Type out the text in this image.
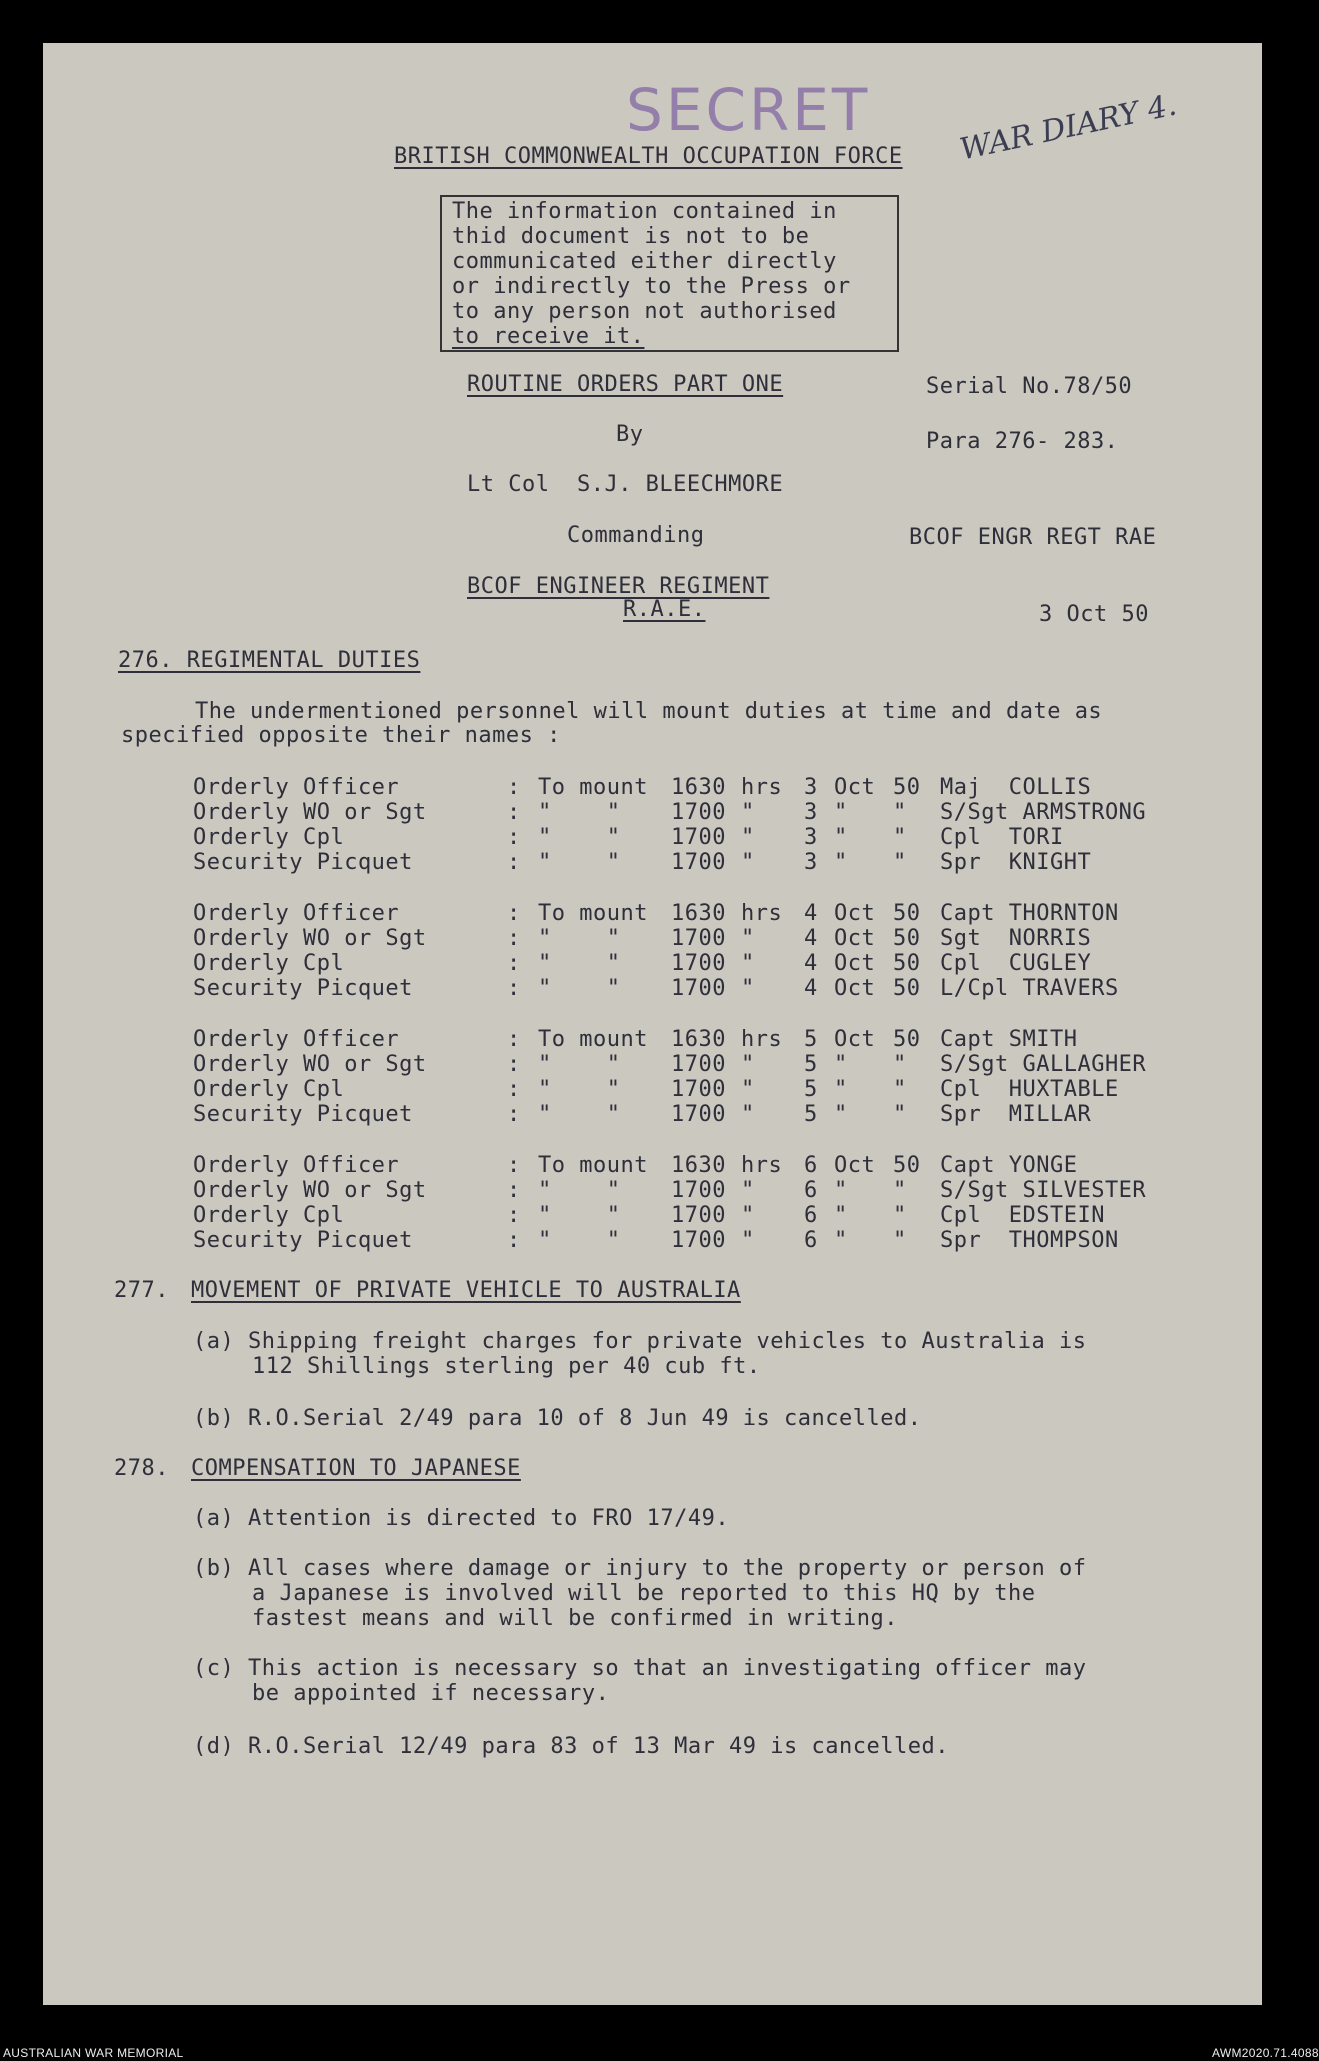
SECRET	WAR DIARY 4.
BRITISH COMMONWEALTH OCCUPATION FORCE
The information contained in
thid document is not to be
communicated either directly
or indirectly to the Press or
to any person not authorised
to receive it.
ROUTINE ORDERS PART ONE	Serial No.78/50
By	Para 276- 283.
Lt Col  S.J. BLEECHMORE
Commanding	BCOF ENGR REGT RAE
BCOF ENGINEER REGIMENT
R.A.E.	3 Oct 50
276. REGIMENTAL DUTIES
The undermentioned personnel will mount duties at time and date as
specified opposite their names :
Orderly Officer	: To mount 1630 hrs 3 Oct 50 Maj  COLLIS
Orderly WO or Sgt	: "    " 1700 " 3 " " S/Sgt ARMSTRONG
Orderly Cpl	: "    " 1700 " 3 " " Cpl  TORI
Security Picquet	: "    " 1700 " 3 " " Spr  KNIGHT
Orderly Officer	: To mount 1630 hrs 4 Oct 50 Capt THORNTON
Orderly WO or Sgt	: "    " 1700 " 4 Oct 50 Sgt  NORRIS
Orderly Cpl	: "    " 1700 " 4 Oct 50 Cpl  CUGLEY
Security Picquet	: "    " 1700 " 4 Oct 50 L/Cpl TRAVERS
Orderly Officer	: To mount 1630 hrs 5 Oct 50 Capt SMITH
Orderly WO or Sgt	: "    " 1700 " 5 " " S/Sgt GALLAGHER
Orderly Cpl	: "    " 1700 " 5 " " Cpl  HUXTABLE
Security Picquet	: "    " 1700 " 5 " " Spr  MILLAR
Orderly Officer	: To mount 1630 hrs 6 Oct 50 Capt YONGE
Orderly WO or Sgt	: "    " 1700 " 6 " " S/Sgt SILVESTER
Orderly Cpl	: "    " 1700 " 6 " " Cpl  EDSTEIN
Security Picquet	: "    " 1700 " 6 " " Spr  THOMPSON
277. MOVEMENT OF PRIVATE VEHICLE TO AUSTRALIA
(a) Shipping freight charges for private vehicles to Australia is
112 Shillings sterling per 40 cub ft.
(b) R.O.Serial 2/49 para 10 of 8 Jun 49 is cancelled.
278. COMPENSATION TO JAPANESE
(a) Attention is directed to FRO 17/49.
(b) All cases where damage or injury to the property or person of
a Japanese is involved will be reported to this HQ by the
fastest means and will be confirmed in writing.
(c) This action is necessary so that an investigating officer may
be appointed if necessary.
(d) R.O.Serial 12/49 para 83 of 13 Mar 49 is cancelled.
AUSTRALIAN WAR MEMORIAL	AWM2020.71.4088
